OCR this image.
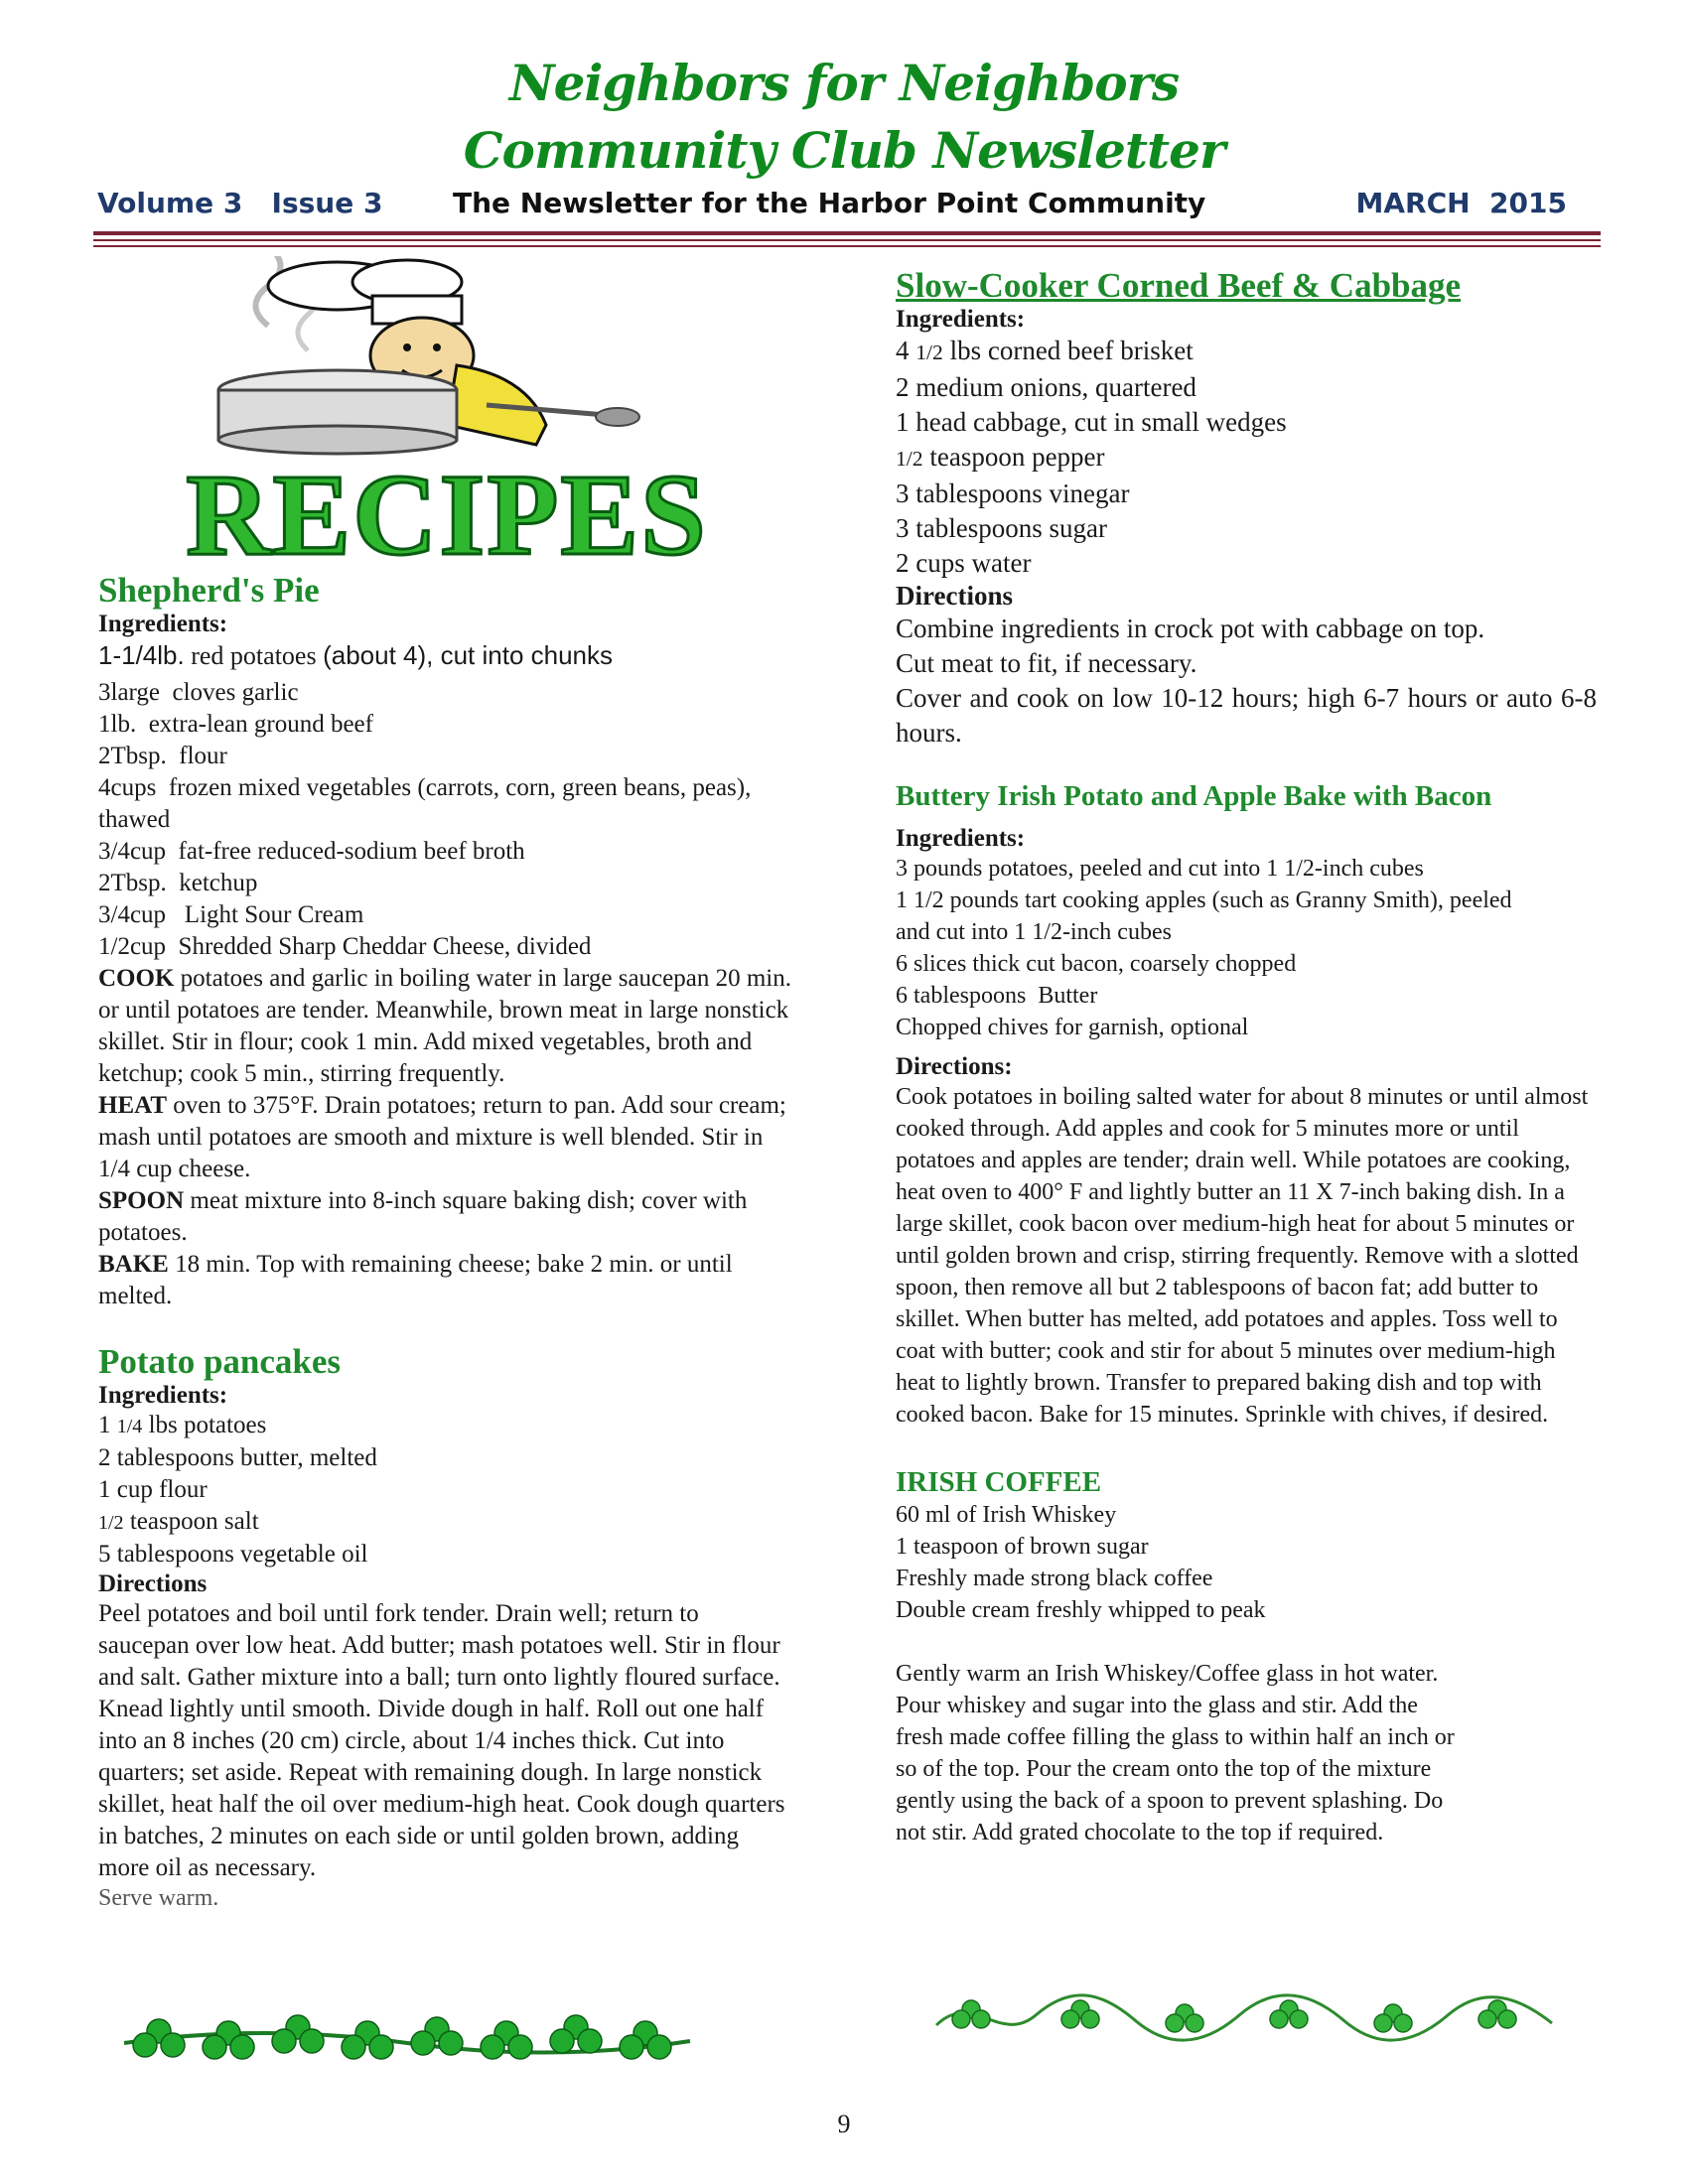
Neighbors for Neighbors
Community Club Newsletter
Volume 3   Issue 3	The Newsletter for the Harbor Point Community	MARCH  2015
RECIPES
Shepherd's Pie
Ingredients:
1-1/4lb. red potatoes (about 4), cut into chunks
3large  cloves garlic
1lb.  extra-lean ground beef
2Tbsp.  flour
4cups  frozen mixed vegetables (carrots, corn, green beans, peas), thawed
3/4cup  fat-free reduced-sodium beef broth
2Tbsp.  ketchup
3/4cup   Light Sour Cream
1/2cup  Shredded Sharp Cheddar Cheese, divided

COOK potatoes and garlic in boiling water in large saucepan 20 min. or until potatoes are tender. Meanwhile, brown meat in large nonstick skillet. Stir in flour; cook 1 min. Add mixed vegetables, broth and ketchup; cook 5 min., stirring frequently.

HEAT oven to 375°F. Drain potatoes; return to pan. Add sour cream; mash until potatoes are smooth and mixture is well blended. Stir in 1/4 cup cheese.

SPOON meat mixture into 8-inch square baking dish; cover with potatoes.

BAKE 18 min. Top with remaining cheese; bake 2 min. or until melted.

Potato pancakes
Ingredients:
1 1/4 lbs potatoes
2 tablespoons butter, melted
1 cup flour
1/2 teaspoon salt
5 tablespoons vegetable oil
Directions

Peel potatoes and boil until fork tender. Drain well; return to saucepan over low heat. Add butter; mash potatoes well. Stir in flour and salt. Gather mixture into a ball; turn onto lightly floured surface. Knead lightly until smooth. Divide dough in half. Roll out one half into an 8 inches (20 cm) circle, about 1/4 inches thick. Cut into quarters; set aside. Repeat with remaining dough. In large nonstick skillet, heat half the oil over medium-high heat. Cook dough quarters in batches, 2 minutes on each side or until golden brown, adding more oil as necessary.

Serve warm.

Slow-Cooker Corned Beef & Cabbage
Ingredients:
4 1/2 lbs corned beef brisket
2 medium onions, quartered
1 head cabbage, cut in small wedges
1/2 teaspoon pepper
3 tablespoons vinegar
3 tablespoons sugar
2 cups water
Directions

Combine ingredients in crock pot with cabbage on top.

Cut meat to fit, if necessary.

Cover and cook on low 10-12 hours; high 6-7 hours or auto 6-8 hours.

Buttery Irish Potato and Apple Bake with Bacon
Ingredients:
3 pounds potatoes, peeled and cut into 1 1/2-inch cubes
1 1/2 pounds tart cooking apples (such as Granny Smith), peeled and cut into 1 1/2-inch cubes
6 slices thick cut bacon, coarsely chopped
6 tablespoons  Butter
Chopped chives for garnish, optional
Directions:

Cook potatoes in boiling salted water for about 8 minutes or until almost cooked through. Add apples and cook for 5 minutes more or until potatoes and apples are tender; drain well. While potatoes are cooking, heat oven to 400° F and lightly butter an 11 X 7-inch baking dish. In a large skillet, cook bacon over medium-high heat for about 5 minutes or until golden brown and crisp, stirring frequently. Remove with a slotted spoon, then remove all but 2 tablespoons of bacon fat; add butter to skillet. When butter has melted, add potatoes and apples. Toss well to coat with butter; cook and stir for about 5 minutes over medium-high heat to lightly brown. Transfer to prepared baking dish and top with cooked bacon. Bake for 15 minutes. Sprinkle with chives, if desired.

IRISH COFFEE
60 ml of Irish Whiskey
1 teaspoon of brown sugar
Freshly made strong black coffee
Double cream freshly whipped to peak

Gently warm an Irish Whiskey/Coffee glass in hot water. Pour whiskey and sugar into the glass and stir. Add the fresh made coffee filling the glass to within half an inch or so of the top. Pour the cream onto the top of the mixture gently using the back of a spoon to prevent splashing. Do not stir. Add grated chocolate to the top if required.

9
